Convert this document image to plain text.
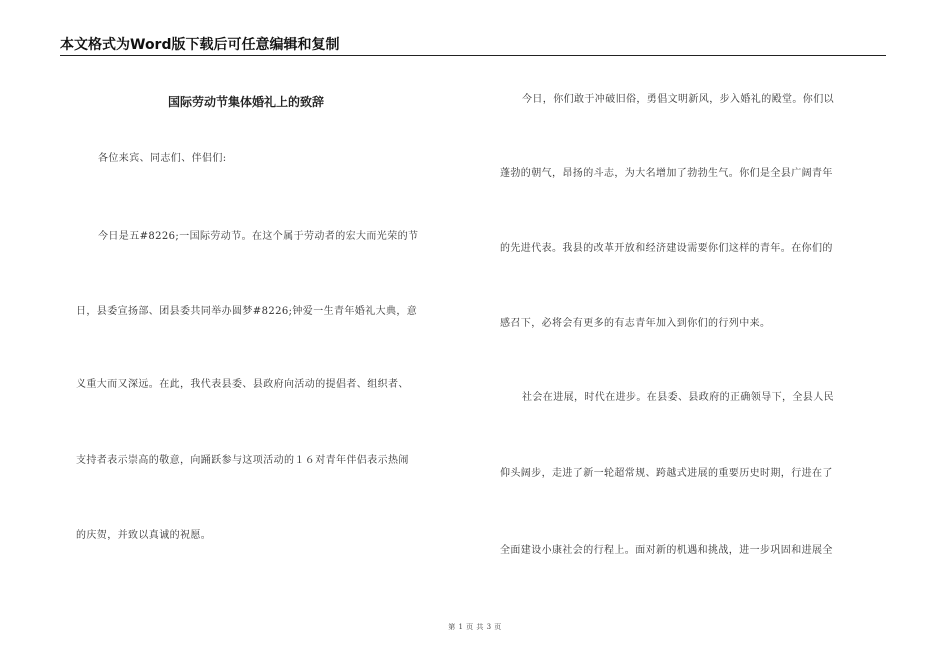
本文格式为Word版下载后可任意编辑和复制
国际劳动节集体婚礼上的致辞
各位来宾、同志们、伴侣们:
今日是五#8226;一国际劳动节。在这个属于劳动者的宏大而光荣的节
日，县委宣扬部、团县委共同举办圆梦#8226;钟爱一生青年婚礼大典，意
义重大而又深远。在此，我代表县委、县政府向活动的提倡者、组织者、
支持者表示崇高的敬意，向踊跃参与这项活动的１６对青年伴侣表示热闹
的庆贺，并致以真诚的祝愿。
今日，你们敢于冲破旧俗，勇倡文明新风，步入婚礼的殿堂。你们以
蓬勃的朝气，昂扬的斗志，为大名增加了勃勃生气。你们是全县广阔青年
的先进代表。我县的改革开放和经济建设需要你们这样的青年。在你们的
感召下，必将会有更多的有志青年加入到你们的行列中来。
社会在进展，时代在进步。在县委、县政府的正确领导下，全县人民
仰头阔步，走进了新一轮超常规、跨越式进展的重要历史时期，行进在了
全面建设小康社会的行程上。面对新的机遇和挑战，进一步巩固和进展全
第 1 页 共 3 页
